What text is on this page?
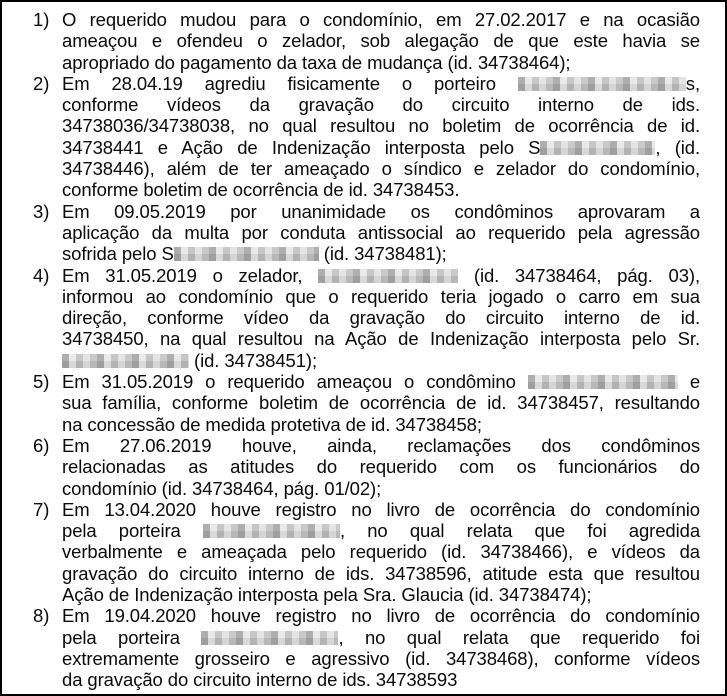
1) O requerido mudou para o condomínio, em 27.02.2017 e na ocasião
ameaçou e ofendeu o zelador, sob alegação de que este havia se
apropriado do pagamento da taxa de mudança (id. 34738464);
2) Em 28.04.19 agrediu fisicamente o porteiro	s,
conforme vídeos da gravação do circuito interno de ids.
34738036/34738038, no qual resultou no boletim de ocorrência de id.
34738441 e Ação de Indenização interposta pelo S	, (id.
34738446), além de ter ameaçado o síndico e zelador do condomínio,
conforme boletim de ocorrência de id. 34738453.
3) Em 09.05.2019 por unanimidade os condôminos aprovaram a
aplicação da multa por conduta antissocial ao requerido pela agressão
sofrida pelo S	(id. 34738481);
4) Em 31.05.2019 o zelador,	(id. 34738464, pág. 03),
informou ao condomínio que o requerido teria jogado o carro em sua
direção, conforme vídeo da gravação do circuito interno de id.
34738450, na qual resultou na Ação de Indenização interposta pelo Sr.
(id. 34738451);
5) Em 31.05.2019 o requerido ameaçou o condômino	e
sua família, conforme boletim de ocorrência de id. 34738457, resultando
na concessão de medida protetiva de id. 34738458;
6) Em 27.06.2019 houve, ainda, reclamações dos condôminos
relacionadas as atitudes do requerido com os funcionários do
condomínio (id. 34738464, pág. 01/02);
7) Em 13.04.2020 houve registro no livro de ocorrência do condomínio
pela porteira	, no qual relata que foi agredida
verbalmente e ameaçada pelo requerido (id. 34738466), e vídeos da
gravação do circuito interno de ids. 34738596, atitude esta que resultou
Ação de Indenização interposta pela Sra. Glaucia (id. 34738474);
8) Em 19.04.2020 houve registro no livro de ocorrência do condomínio
pela porteira	, no qual relata que requerido foi
extremamente grosseiro e agressivo (id. 34738468), conforme vídeos
da gravação do circuito interno de ids. 34738593
